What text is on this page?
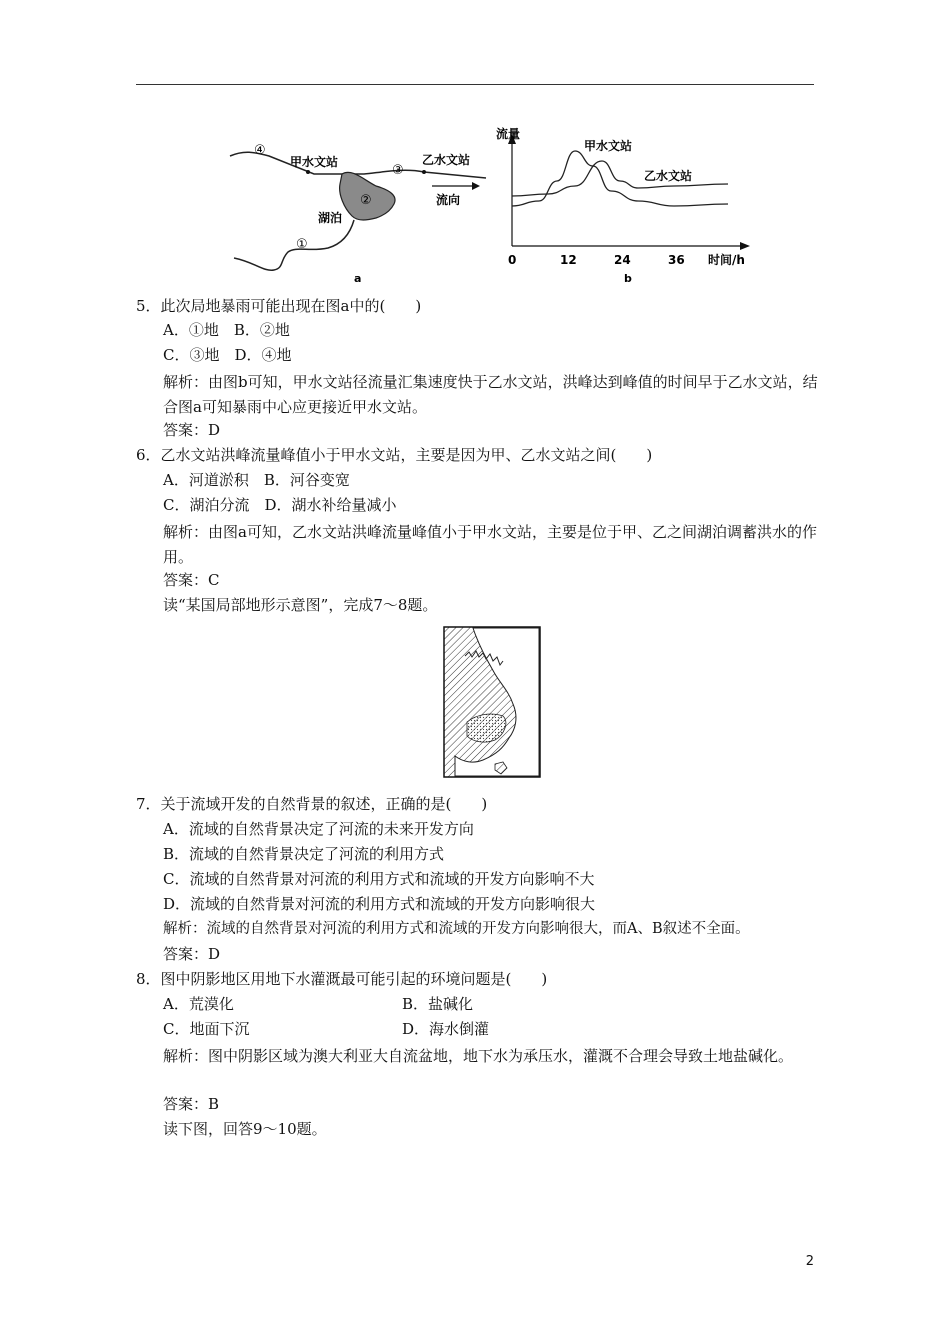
④
甲水文站
③
乙水文站
②
湖泊
流向
①
a
流量
甲水文站
乙水文站
0	12	24	36 时间/h
b
5．此次局地暴雨可能出现在图a中的(　　)
A．①地　B．②地
C．③地　D．④地
解析：由图b可知，甲水文站径流量汇集速度快于乙水文站，洪峰达到峰值的时间早于乙水文站，结合图a可知暴雨中心应更接近甲水文站。
答案：D
6．乙水文站洪峰流量峰值小于甲水文站，主要是因为甲、乙水文站之间(　　)
A．河道淤积　B．河谷变宽
C．湖泊分流　D．湖水补给量减小
解析：由图a可知，乙水文站洪峰流量峰值小于甲水文站，主要是位于甲、乙之间湖泊调蓄洪水的作用。
答案：C
读“某国局部地形示意图”，完成7～8题。
7．关于流域开发的自然背景的叙述，正确的是(　　)
A．流域的自然背景决定了河流的未来开发方向
B．流域的自然背景决定了河流的利用方式
C．流域的自然背景对河流的利用方式和流域的开发方向影响不大
D．流域的自然背景对河流的利用方式和流域的开发方向影响很大
解析：流域的自然背景对河流的利用方式和流域的开发方向影响很大，而A、B叙述不全面。
答案：D
8．图中阴影地区用地下水灌溉最可能引起的环境问题是(　　)
A．荒漠化	B．盐碱化
C．地面下沉	D．海水倒灌
解析：图中阴影区域为澳大利亚大自流盆地，地下水为承压水，灌溉不合理会导致土地盐碱化。
答案：B
读下图，回答9～10题。
2
